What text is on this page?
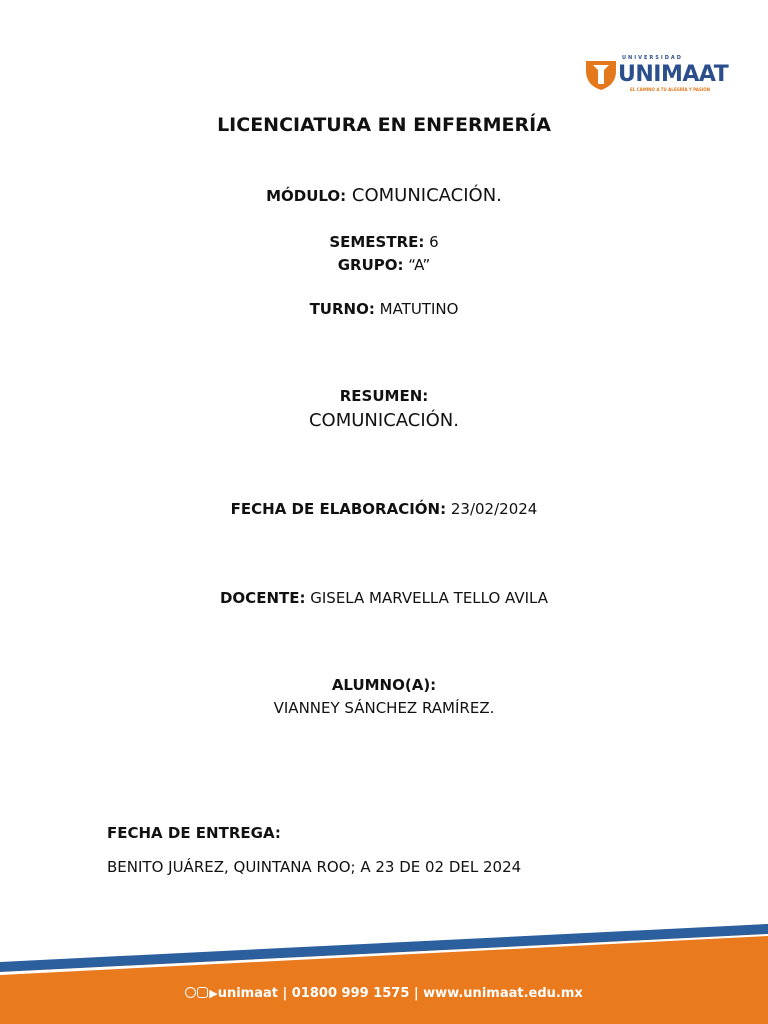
UNIVERSIDAD
UNIMAAT
EL CAMINO A TU ALEGRÍA Y PASIÓN
LICENCIATURA EN ENFERMERÍA
MÓDULO: COMUNICACIÓN.
SEMESTRE: 6
GRUPO: “A”
TURNO: MATUTINO
RESUMEN:
COMUNICACIÓN.
FECHA DE ELABORACIÓN: 23/02/2024
DOCENTE: GISELA MARVELLA TELLO AVILA
ALUMNO(A):
VIANNEY SÁNCHEZ RAMÍREZ.
FECHA DE ENTREGA:
BENITO JUÁREZ, QUINTANA ROO; A 23 DE 02 DEL 2024
▶unimaat | 01800 999 1575 | www.unimaat.edu.mx
